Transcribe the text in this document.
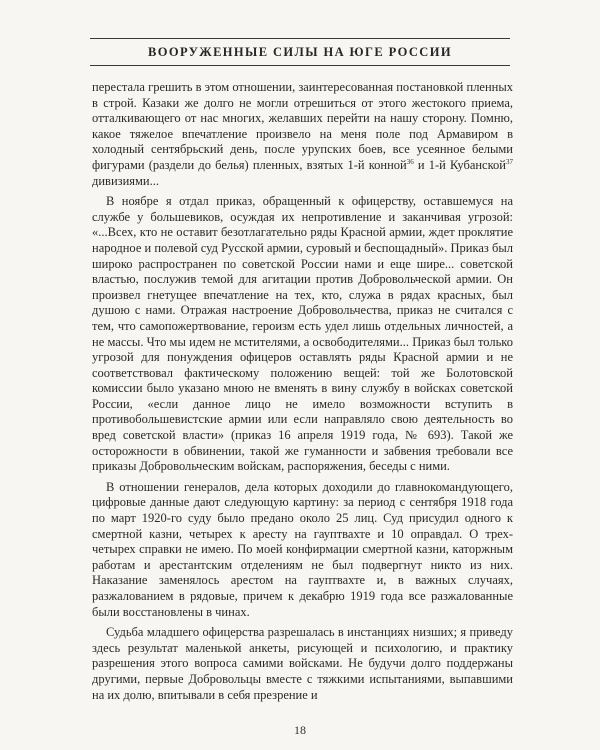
ВООРУЖЕННЫЕ СИЛЫ НА ЮГЕ РОССИИ

перестала грешить в этом отношении, заинтересованная постановкой пленных в строй. Казаки же долго не могли отрешиться от этого жестокого приема, отталкивающего от нас многих, желавших перейти на нашу сторону. Помню, какое тяжелое впечатление произвело на меня поле под Армавиром в холодный сентябрьский день, после урупских боев, все усеянное белыми фигурами (раздели до белья) пленных, взятых 1-й конной$^{36}$ и 1-й Кубанской$^{37}$ дивизиями...

В ноябре я отдал приказ, обращенный к офицерству, оставшемуся на службе у большевиков, осуждая их непротивление и заканчивая угрозой: «...Всех, кто не оставит безотлагательно ряды Красной армии, ждет проклятие народное и полевой суд Русской армии, суровый и беспощадный». Приказ был широко распространен по советской России нами и еще шире... советской властью, послужив темой для агитации против Добровольческой армии. Он произвел гнетущее впечатление на тех, кто, служа в рядах красных, был душою с нами. Отражая настроение Добровольчества, приказ не считался с тем, что самопожертвование, героизм есть удел лишь отдельных личностей, а не массы. Что мы идем не мстителями, а освободителями... Приказ был только угрозой для понуждения офицеров оставлять ряды Красной армии и не соответствовал фактическому положению вещей: той же Болотовской комиссии было указано мною не вменять в вину службу в войсках советской России, «если данное лицо не имело возможности вступить в противобольшевистские армии или если направляло свою деятельность во вред советской власти» (приказ 16 апреля 1919 года, № 693). Такой же осторожности в обвинении, такой же гуманности и забвения требовали все приказы Добровольческим войскам, распоряжения, беседы с ними.

В отношении генералов, дела которых доходили до главнокомандующего, цифровые данные дают следующую картину: за период с сентября 1918 года по март 1920-го суду было предано около 25 лиц. Суд присудил одного к смертной казни, четырех к аресту на гауптвахте и 10 оправдал. О трех-четырех справки не имею. По моей конфирмации смертной казни, каторжным работам и арестантским отделениям не был подвергнут никто из них. Наказание заменялось арестом на гауптвахте и, в важных случаях, разжалованием в рядовые, причем к декабрю 1919 года все разжалованные были восстановлены в чинах.

Судьба младшего офицерства разрешалась в инстанциях низших; я приведу здесь результат маленькой анкеты, рисующей и психологию, и практику разрешения этого вопроса самими войсками. Не будучи долго поддержаны другими, первые Добровольцы вместе с тяжкими испытаниями, выпавшими на их долю, впитывали в себя презрение и

18
